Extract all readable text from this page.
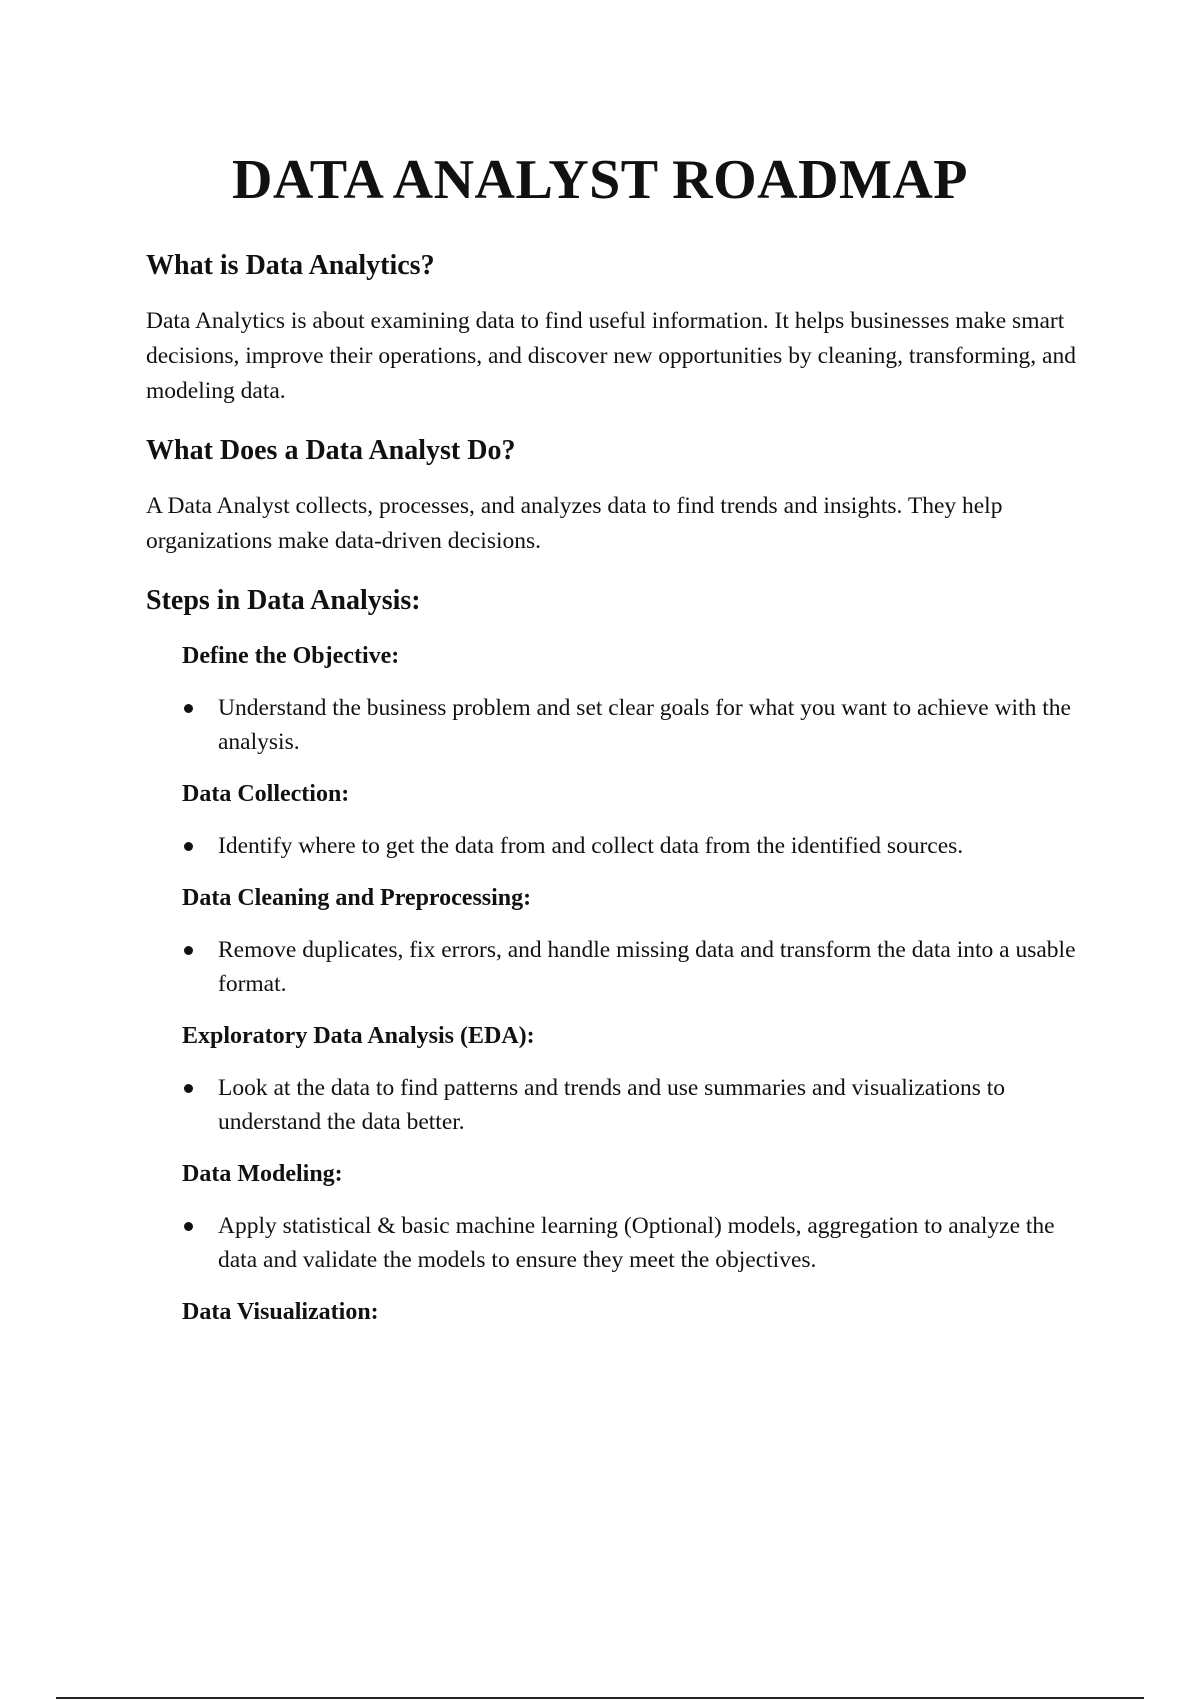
DATA ANALYST ROADMAP
What is Data Analytics?

Data Analytics is about examining data to find useful information. It helps businesses make smart decisions, improve their operations, and discover new opportunities by cleaning, transforming, and modeling data.

What Does a Data Analyst Do?

A Data Analyst collects, processes, and analyzes data to find trends and insights. They help organizations make data-driven decisions.

Steps in Data Analysis:
Define the Objective:
Understand the business problem and set clear goals for what you want to achieve with the analysis.
Data Collection:
Identify where to get the data from and collect data from the identified sources.
Data Cleaning and Preprocessing:
Remove duplicates, fix errors, and handle missing data and transform the data into a usable format.
Exploratory Data Analysis (EDA):
Look at the data to find patterns and trends and use summaries and visualizations to understand the data better.
Data Modeling:
Apply statistical & basic machine learning (Optional) models, aggregation to analyze the data and validate the models to ensure they meet the objectives.
Data Visualization:
